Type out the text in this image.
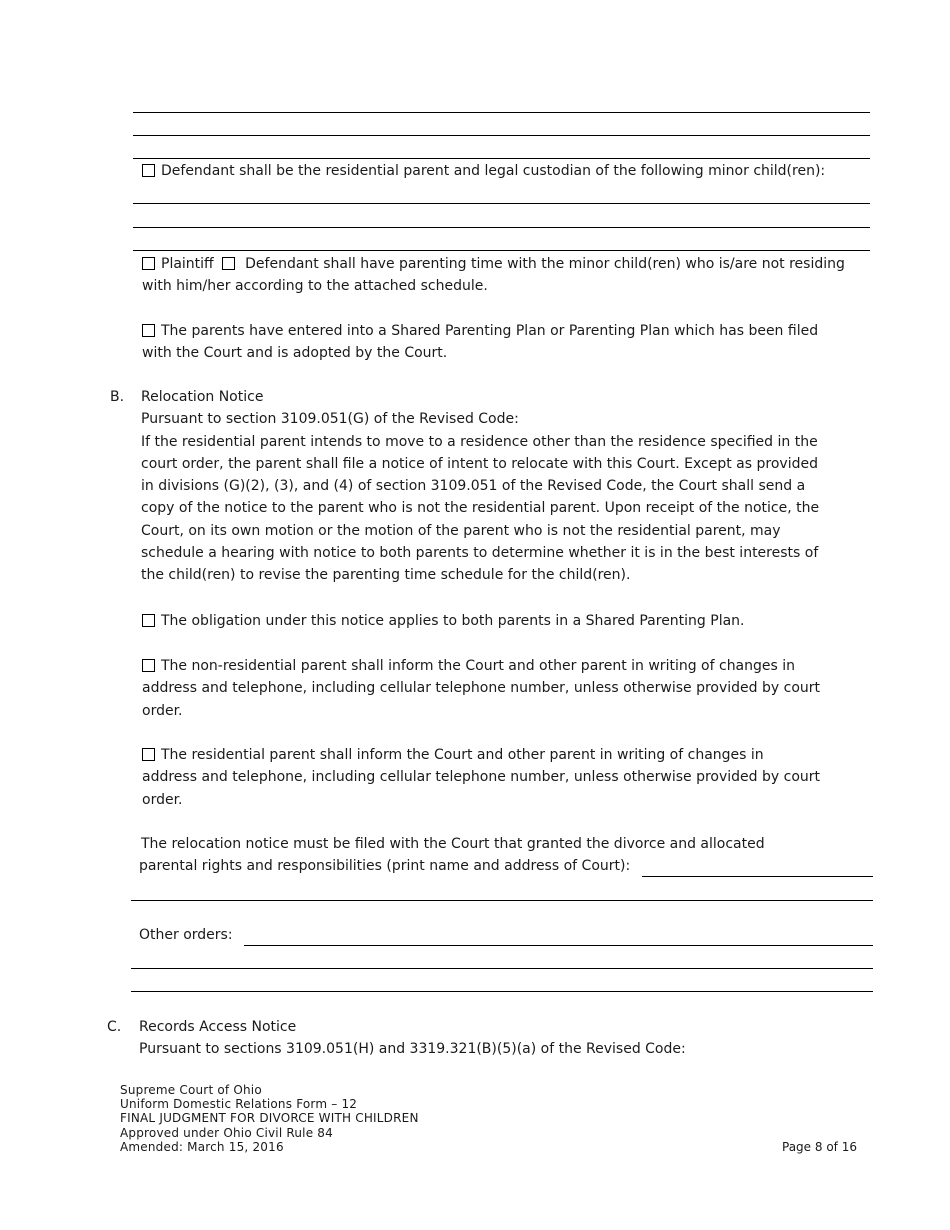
Defendant shall be the residential parent and legal custodian of the following minor child(ren):
Plaintiff Defendant shall have parenting time with the minor child(ren) who is/are not residing
with him/her according to the attached schedule.
The parents have entered into a Shared Parenting Plan or Parenting Plan which has been filed
with the Court and is adopted by the Court.
B. Relocation Notice
Pursuant to section 3109.051(G) of the Revised Code:
If the residential parent intends to move to a residence other than the residence specified in the
court order, the parent shall file a notice of intent to relocate with this Court. Except as provided
in divisions (G)(2), (3), and (4) of section 3109.051 of the Revised Code, the Court shall send a
copy of the notice to the parent who is not the residential parent. Upon receipt of the notice, the
Court, on its own motion or the motion of the parent who is not the residential parent, may
schedule a hearing with notice to both parents to determine whether it is in the best interests of
the child(ren) to revise the parenting time schedule for the child(ren).
The obligation under this notice applies to both parents in a Shared Parenting Plan.
The non-residential parent shall inform the Court and other parent in writing of changes in
address and telephone, including cellular telephone number, unless otherwise provided by court
order.
The residential parent shall inform the Court and other parent in writing of changes in
address and telephone, including cellular telephone number, unless otherwise provided by court
order.
The relocation notice must be filed with the Court that granted the divorce and allocated
parental rights and responsibilities (print name and address of Court):
Other orders:
C. Records Access Notice
Pursuant to sections 3109.051(H) and 3319.321(B)(5)(a) of the Revised Code:
Supreme Court of Ohio
Uniform Domestic Relations Form – 12
FINAL JUDGMENT FOR DIVORCE WITH CHILDREN
Approved under Ohio Civil Rule 84
Amended: March 15, 2016	Page 8 of 16
